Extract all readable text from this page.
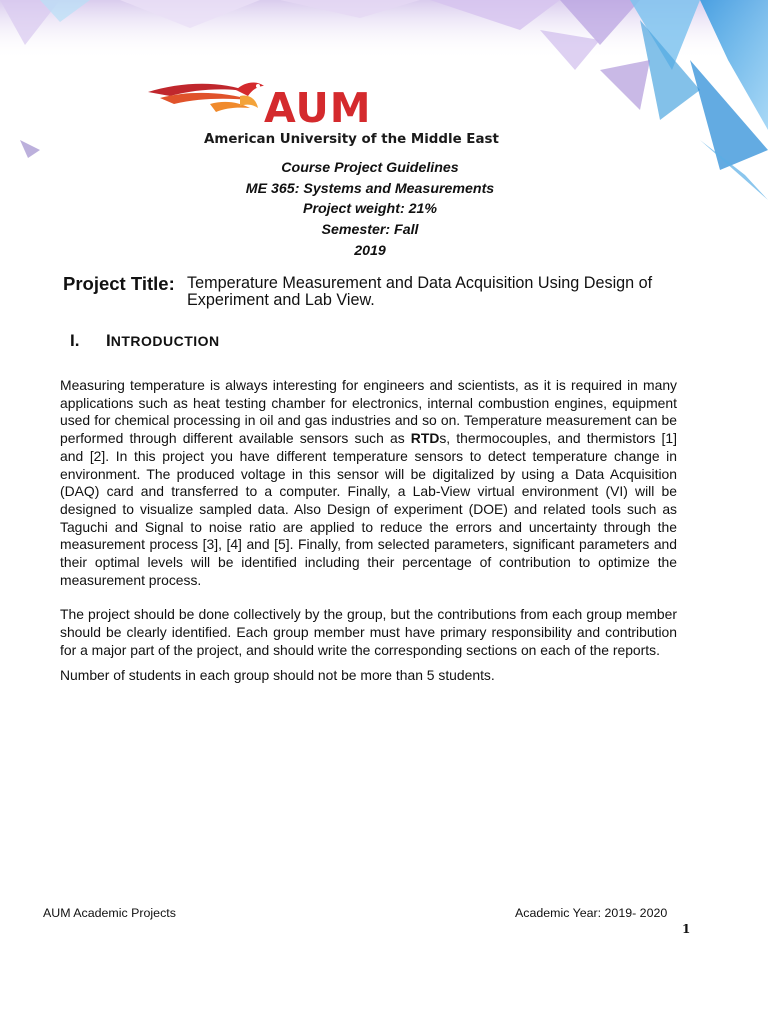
AUM
American University of the Middle East
Course Project Guidelines
ME 365: Systems and Measurements
Project weight: 21%
Semester: Fall
2019
Project Title: Temperature Measurement and Data Acquisition Using Design of Experiment and Lab View.
I. INTRODUCTION

Measuring temperature is always interesting for engineers and scientists, as it is required in many applications such as heat testing chamber for electronics, internal combustion engines, equipment used for chemical processing in oil and gas industries and so on. Temperature measurement can be performed through different available sensors such as RTDs, thermocouples, and thermistors [1] and [2]. In this project you have different temperature sensors to detect temperature change in environment. The produced voltage in this sensor will be digitalized by using a Data Acquisition (DAQ) card and transferred to a computer. Finally, a Lab-View virtual environment (VI) will be designed to visualize sampled data. Also Design of experiment (DOE) and related tools such as Taguchi and Signal to noise ratio are applied to reduce the errors and uncertainty through the measurement process [3], [4] and [5]. Finally, from selected parameters, significant parameters and their optimal levels will be identified including their percentage of contribution to optimize the measurement process.

The project should be done collectively by the group, but the contributions from each group member should be clearly identified. Each group member must have primary responsibility and contribution for a major part of the project, and should write the corresponding sections on each of the reports.

Number of students in each group should not be more than 5 students.

AUM Academic Projects	Academic Year: 2019- 2020
1
